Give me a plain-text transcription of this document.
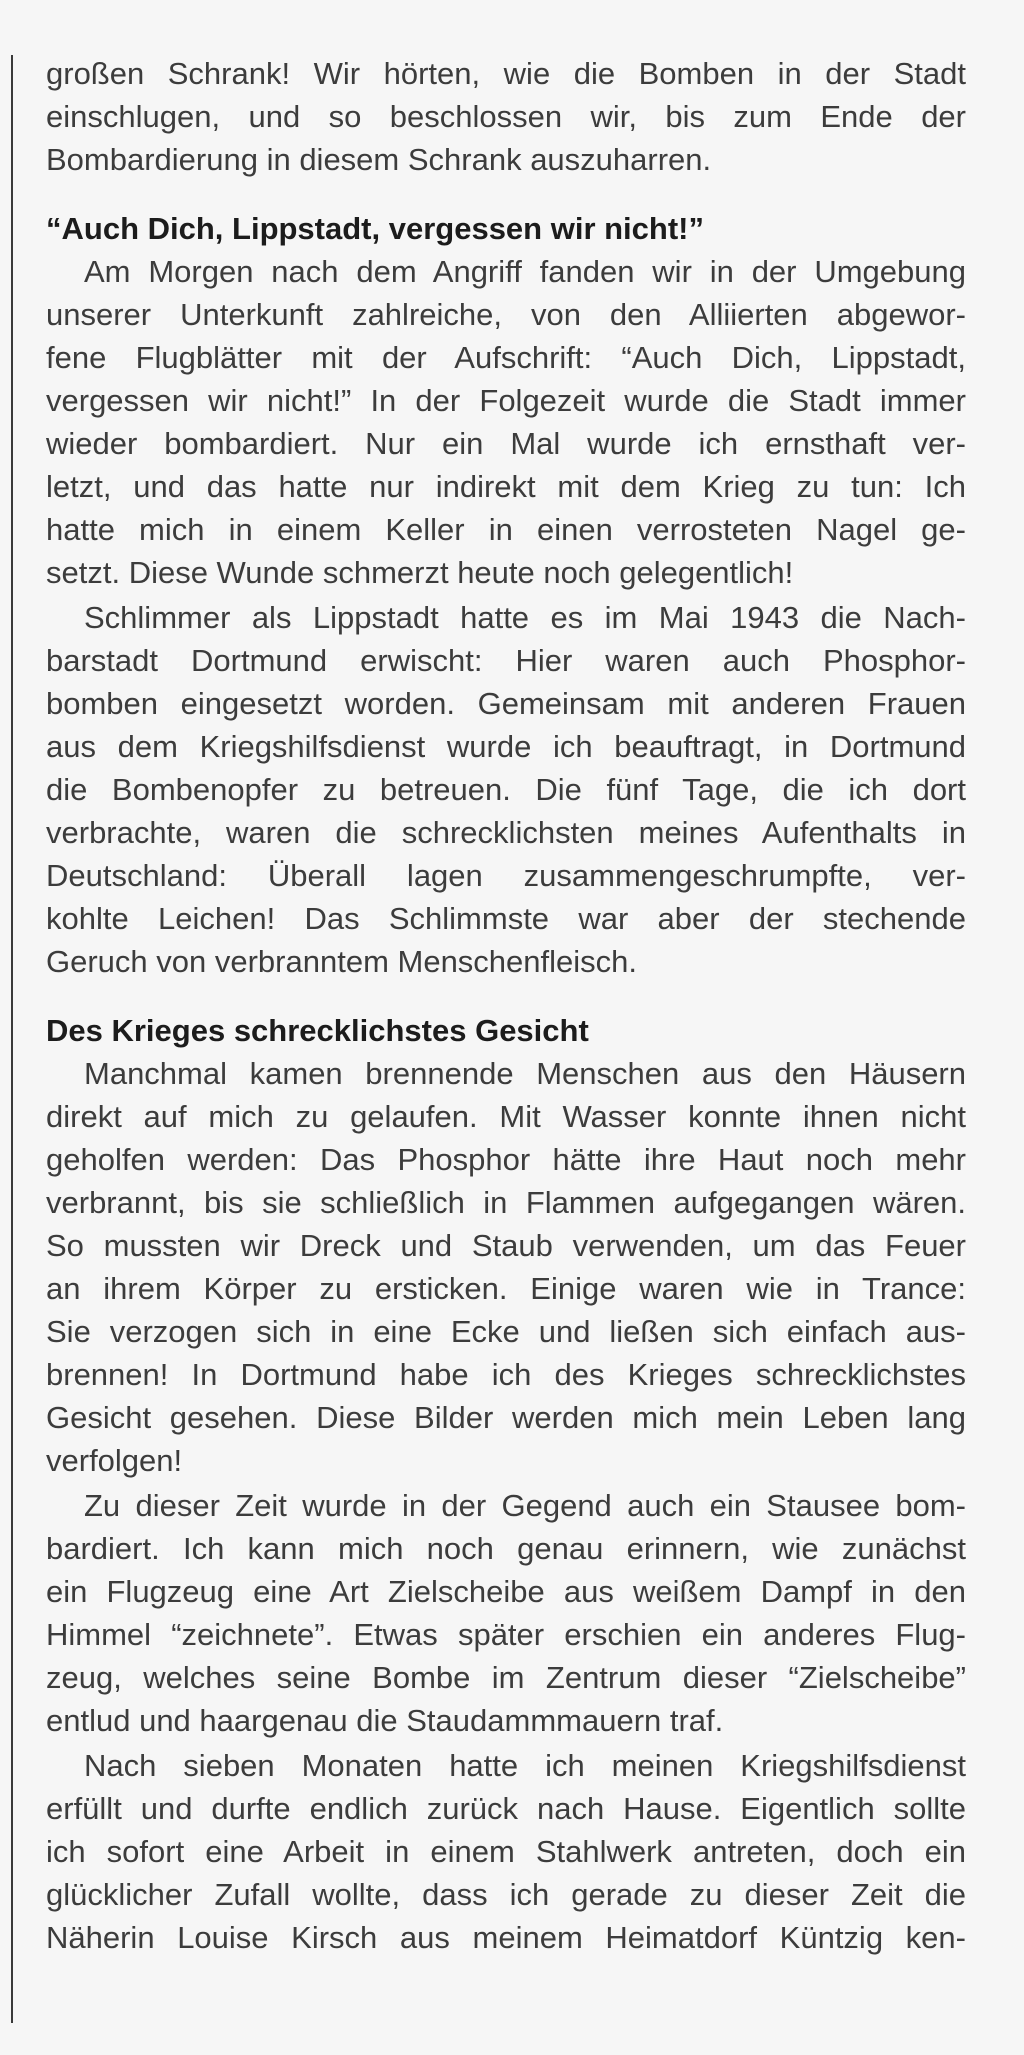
großen Schrank! Wir hörten, wie die Bomben in der Stadt
einschlugen, und so beschlossen wir, bis zum Ende der
Bombardierung in diesem Schrank auszuharren.
“Auch Dich, Lippstadt, vergessen wir nicht!”
Am Morgen nach dem Angriff fanden wir in der Umgebung
unserer Unterkunft zahlreiche, von den Alliierten abgewor-
fene Flugblätter mit der Aufschrift: “Auch Dich, Lippstadt,
vergessen wir nicht!” In der Folgezeit wurde die Stadt immer
wieder bombardiert. Nur ein Mal wurde ich ernsthaft ver-
letzt, und das hatte nur indirekt mit dem Krieg zu tun: Ich
hatte mich in einem Keller in einen verrosteten Nagel ge-
setzt. Diese Wunde schmerzt heute noch gelegentlich!
Schlimmer als Lippstadt hatte es im Mai 1943 die Nach-
barstadt Dortmund erwischt: Hier waren auch Phosphor-
bomben eingesetzt worden. Gemeinsam mit anderen Frauen
aus dem Kriegshilfsdienst wurde ich beauftragt, in Dortmund
die Bombenopfer zu betreuen. Die fünf Tage, die ich dort
verbrachte, waren die schrecklichsten meines Aufenthalts in
Deutschland: Überall lagen zusammengeschrumpfte, ver-
kohlte Leichen! Das Schlimmste war aber der stechende
Geruch von verbranntem Menschenfleisch.
Des Krieges schrecklichstes Gesicht
Manchmal kamen brennende Menschen aus den Häusern
direkt auf mich zu gelaufen. Mit Wasser konnte ihnen nicht
geholfen werden: Das Phosphor hätte ihre Haut noch mehr
verbrannt, bis sie schließlich in Flammen aufgegangen wären.
So mussten wir Dreck und Staub verwenden, um das Feuer
an ihrem Körper zu ersticken. Einige waren wie in Trance:
Sie verzogen sich in eine Ecke und ließen sich einfach aus-
brennen! In Dortmund habe ich des Krieges schrecklichstes
Gesicht gesehen. Diese Bilder werden mich mein Leben lang
verfolgen!
Zu dieser Zeit wurde in der Gegend auch ein Stausee bom-
bardiert. Ich kann mich noch genau erinnern, wie zunächst
ein Flugzeug eine Art Zielscheibe aus weißem Dampf in den
Himmel “zeichnete”. Etwas später erschien ein anderes Flug-
zeug, welches seine Bombe im Zentrum dieser “Zielscheibe”
entlud und haargenau die Staudammmauern traf.
Nach sieben Monaten hatte ich meinen Kriegshilfsdienst
erfüllt und durfte endlich zurück nach Hause. Eigentlich sollte
ich sofort eine Arbeit in einem Stahlwerk antreten, doch ein
glücklicher Zufall wollte, dass ich gerade zu dieser Zeit die
Näherin Louise Kirsch aus meinem Heimatdorf Küntzig ken-
